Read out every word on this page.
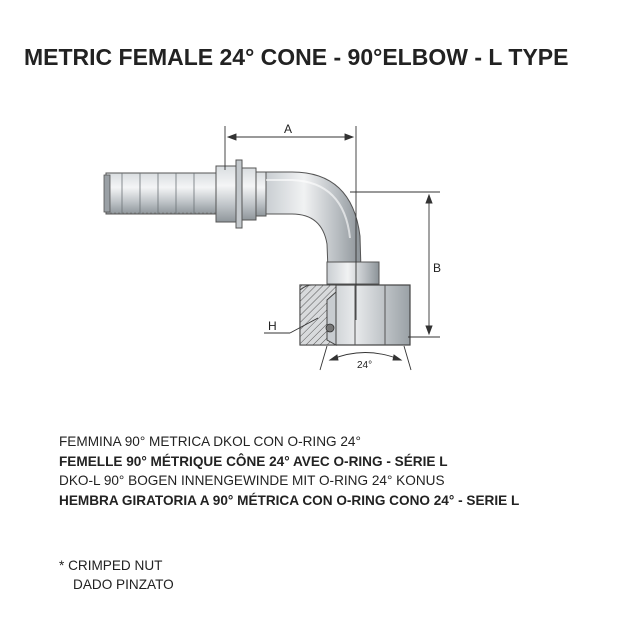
METRIC FEMALE 24° CONE - 90°ELBOW - L TYPE
A
B
H
24°
FEMMINA 90° METRICA DKOL CON O-RING 24°
FEMELLE 90° MÉTRIQUE CÔNE 24° AVEC O-RING - SÉRIE L
DKO-L 90° BOGEN INNENGEWINDE MIT O-RING 24° KONUS
HEMBRA GIRATORIA A 90° MÉTRICA CON O-RING CONO 24° - SERIE L
* CRIMPED NUT
DADO PINZATO
